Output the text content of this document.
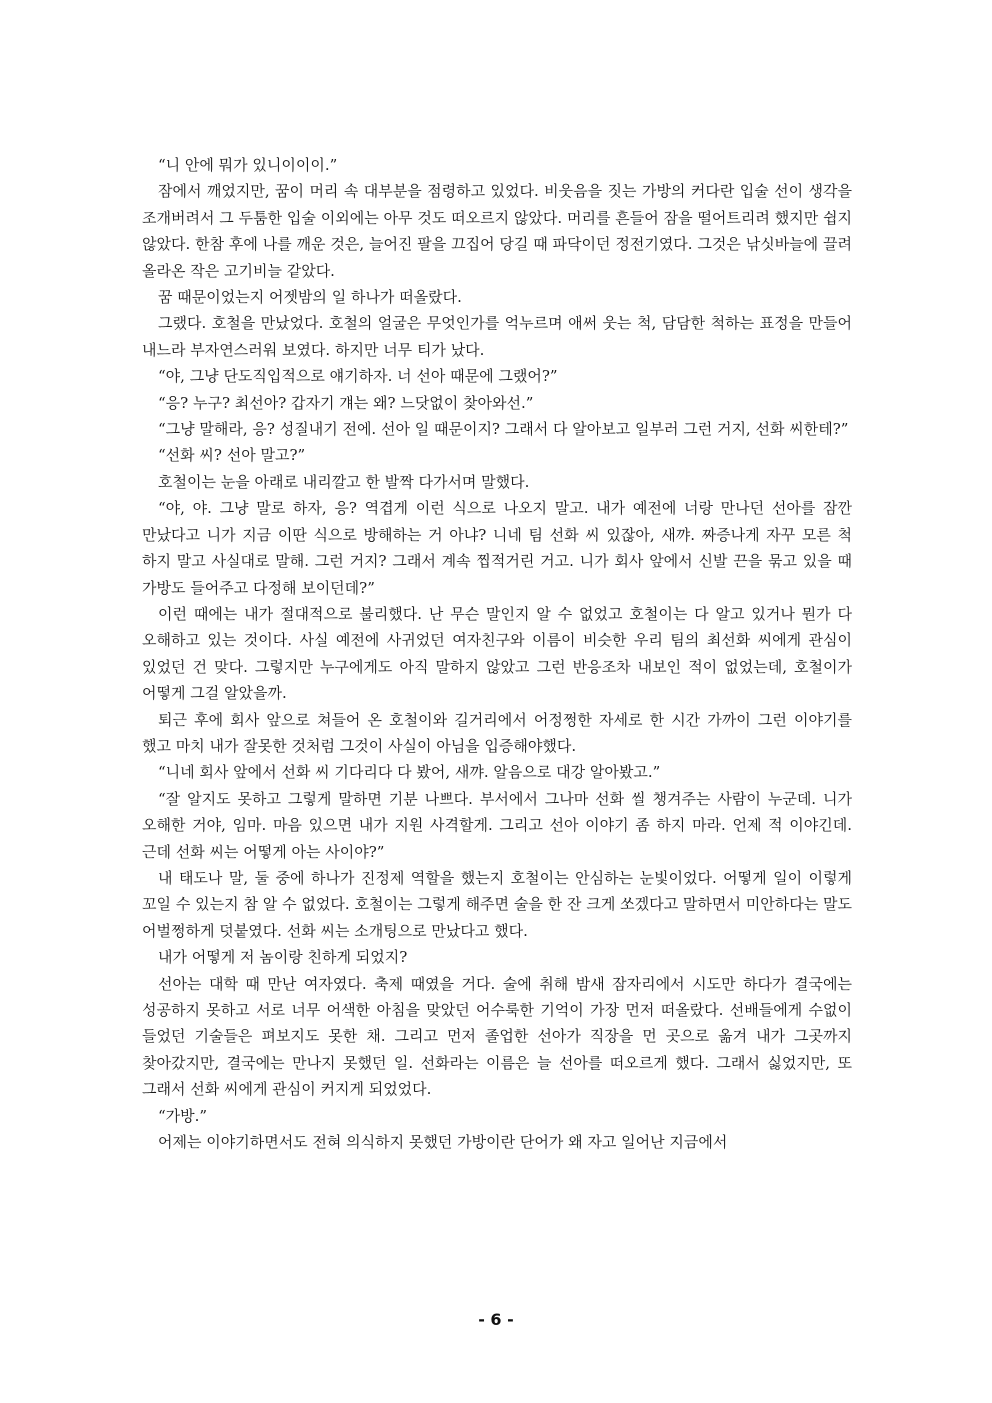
“니 안에 뭐가 있니이이이.”

잠에서 깨었지만, 꿈이 머리 속 대부분을 점령하고 있었다. 비웃음을 짓는 가방의 커다란 입술 선이 생각을 조개버려서 그 두툼한 입술 이외에는 아무 것도 떠오르지 않았다. 머리를 흔들어 잠을 떨어트리려 했지만 쉽지 않았다. 한참 후에 나를 깨운 것은, 늘어진 팔을 끄집어 당길 때 파닥이던 정전기였다. 그것은 낚싯바늘에 끌려 올라온 작은 고기비늘 같았다.

꿈 때문이었는지 어젯밤의 일 하나가 떠올랐다.

그랬다. 호철을 만났었다. 호철의 얼굴은 무엇인가를 억누르며 애써 웃는 척, 담담한 척하는 표정을 만들어 내느라 부자연스러워 보였다. 하지만 너무 티가 났다.

“야, 그냥 단도직입적으로 얘기하자. 너 선아 때문에 그랬어?”

“응? 누구? 최선아? 갑자기 걔는 왜? 느닷없이 찾아와선.”

“그냥 말해라, 응? 성질내기 전에. 선아 일 때문이지? 그래서 다 알아보고 일부러 그런 거지, 선화 씨한테?”

“선화 씨? 선아 말고?”

호철이는 눈을 아래로 내리깔고 한 발짝 다가서며 말했다.

“야, 야. 그냥 말로 하자, 응? 역겹게 이런 식으로 나오지 말고. 내가 예전에 너랑 만나던 선아를 잠깐 만났다고 니가 지금 이딴 식으로 방해하는 거 아냐? 니네 팀 선화 씨 있잖아, 새꺄. 짜증나게 자꾸 모른 척 하지 말고 사실대로 말해. 그런 거지? 그래서 계속 찝적거린 거고. 니가 회사 앞에서 신발 끈을 묶고 있을 때 가방도 들어주고 다정해 보이던데?”

이런 때에는 내가 절대적으로 불리했다. 난 무슨 말인지 알 수 없었고 호철이는 다 알고 있거나 뭔가 다 오해하고 있는 것이다. 사실 예전에 사귀었던 여자친구와 이름이 비슷한 우리 팀의 최선화 씨에게 관심이 있었던 건 맞다. 그렇지만 누구에게도 아직 말하지 않았고 그런 반응조차 내보인 적이 없었는데, 호철이가 어떻게 그걸 알았을까.

퇴근 후에 회사 앞으로 쳐들어 온 호철이와 길거리에서 어정쩡한 자세로 한 시간 가까이 그런 이야기를 했고 마치 내가 잘못한 것처럼 그것이 사실이 아님을 입증해야했다.

“니네 회사 앞에서 선화 씨 기다리다 다 봤어, 새꺄. 알음으로 대강 알아봤고.”

“잘 알지도 못하고 그렇게 말하면 기분 나쁘다. 부서에서 그나마 선화 씰 챙겨주는 사람이 누군데. 니가 오해한 거야, 임마. 마음 있으면 내가 지원 사격할게. 그리고 선아 이야기 좀 하지 마라. 언제 적 이야긴데. 근데 선화 씨는 어떻게 아는 사이야?”

내 태도나 말, 둘 중에 하나가 진정제 역할을 했는지 호철이는 안심하는 눈빛이었다. 어떻게 일이 이렇게 꼬일 수 있는지 참 알 수 없었다. 호철이는 그렇게 해주면 술을 한 잔 크게 쏘겠다고 말하면서 미안하다는 말도 어벌쩡하게 덧붙였다. 선화 씨는 소개팅으로 만났다고 했다.

내가 어떻게 저 놈이랑 친하게 되었지?

선아는 대학 때 만난 여자였다. 축제 때였을 거다. 술에 취해 밤새 잠자리에서 시도만 하다가 결국에는 성공하지 못하고 서로 너무 어색한 아침을 맞았던 어수룩한 기억이 가장 먼저 떠올랐다. 선배들에게 수없이 들었던 기술들은 펴보지도 못한 채. 그리고 먼저 졸업한 선아가 직장을 먼 곳으로 옮겨 내가 그곳까지 찾아갔지만, 결국에는 만나지 못했던 일. 선화라는 이름은 늘 선아를 떠오르게 했다. 그래서 싫었지만, 또 그래서 선화 씨에게 관심이 커지게 되었었다.

“가방.”

어제는 이야기하면서도 전혀 의식하지 못했던 가방이란 단어가 왜 자고 일어난 지금에서

- 6 -
